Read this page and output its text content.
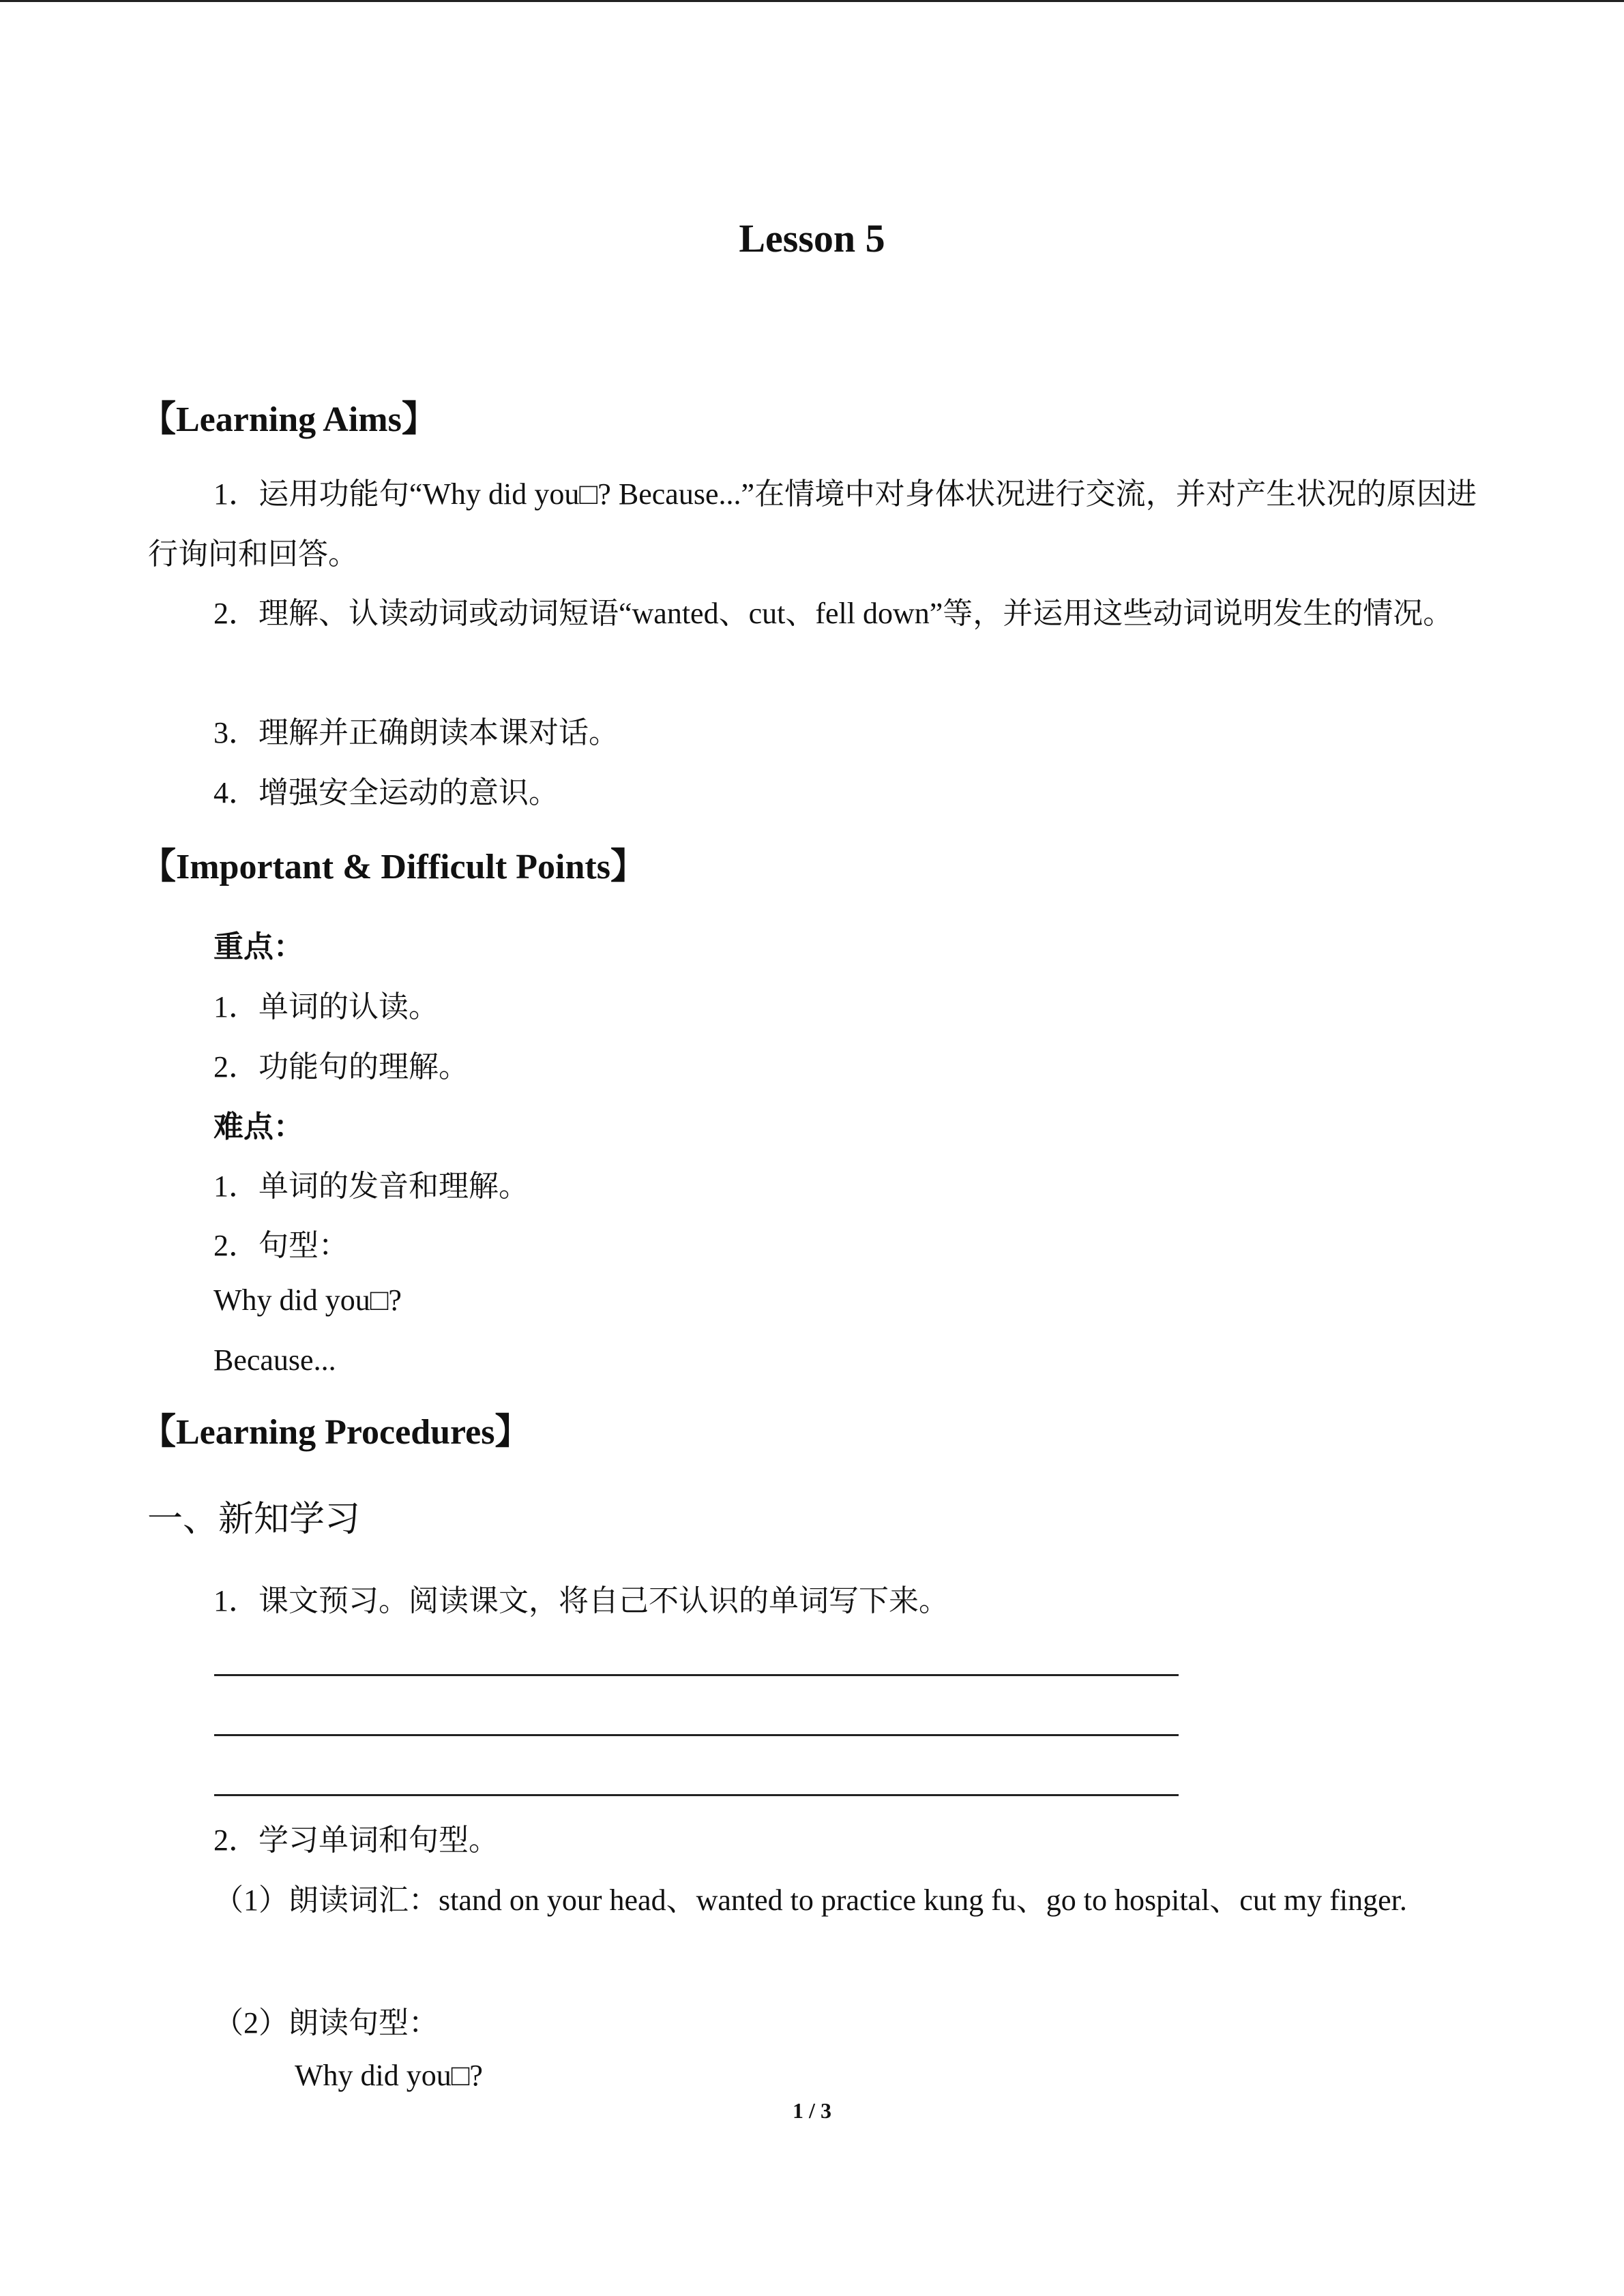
Lesson 5
【Learning Aims】
1．运用功能句“Why did you□? Because...”在情境中对身体状况进行交流，并对产生状况的原因进行询问和回答。
2．理解、认读动词或动词短语“wanted、cut、fell down”等，并运用这些动词说明发生的情况。
3．理解并正确朗读本课对话。
4．增强安全运动的意识。
【Important & Difficult Points】
重点：
1．单词的认读。
2．功能句的理解。
难点：
1．单词的发音和理解。
2．句型：
Why did you□?
Because...
【Learning Procedures】
一、新知学习
1．课文预习。阅读课文，将自己不认识的单词写下来。
2．学习单词和句型。
（1）朗读词汇：stand on your head、wanted to practice kung fu、go to hospital、cut my finger.
（2）朗读句型：
Why did you□?
1 / 3
